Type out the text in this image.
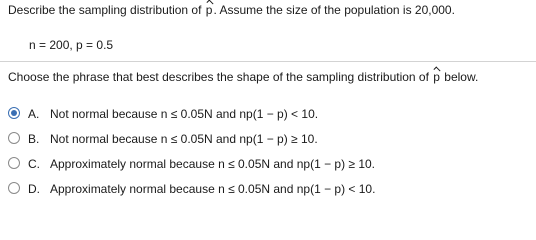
Describe the sampling distribution of p. Assume the size of the population is 20,000.
n = 200, p = 0.5
Choose the phrase that best describes the shape of the sampling distribution of p below.
A. Not normal because n ≤ 0.05N and np(1 − p) < 10.
B. Not normal because n ≤ 0.05N and np(1 − p) ≥ 10.
C. Approximately normal because n ≤ 0.05N and np(1 − p) ≥ 10.
D. Approximately normal because n ≤ 0.05N and np(1 − p) < 10.
